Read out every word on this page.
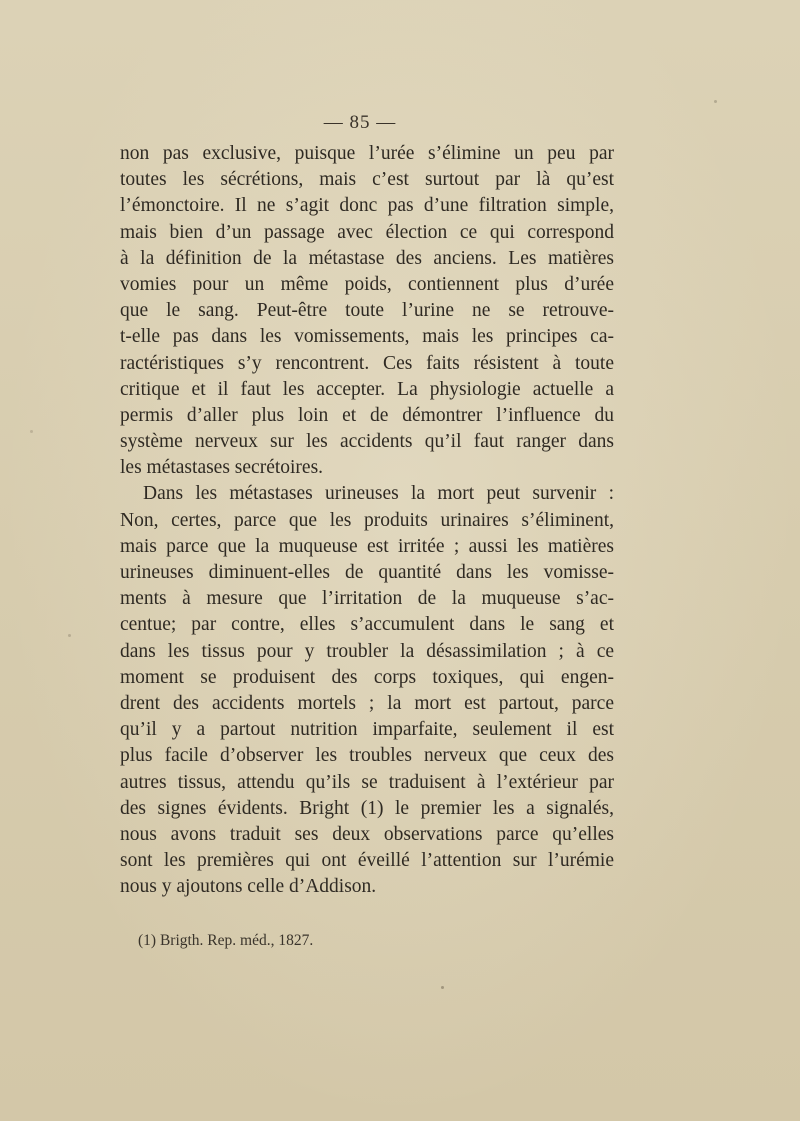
— 85 —
non pas exclusive, puisque l’urée s’élimine un peu par
toutes les sécrétions, mais c’est surtout par là qu’est
l’émonctoire. Il ne s’agit donc pas d’une filtration simple,
mais bien d’un passage avec élection ce qui correspond
à la définition de la métastase des anciens. Les matières
vomies pour un même poids, contiennent plus d’urée
que le sang. Peut-être toute l’urine ne se retrouve-
t-elle pas dans les vomissements, mais les principes ca-
ractéristiques s’y rencontrent. Ces faits résistent à toute
critique et il faut les accepter. La physiologie actuelle a
permis d’aller plus loin et de démontrer l’influence du
système nerveux sur les accidents qu’il faut ranger dans
les métastases secrétoires.
Dans les métastases urineuses la mort peut survenir :
Non, certes, parce que les produits urinaires s’éliminent,
mais parce que la muqueuse est irritée ; aussi les matières
urineuses diminuent-elles de quantité dans les vomisse-
ments à mesure que l’irritation de la muqueuse s’ac-
centue; par contre, elles s’accumulent dans le sang et
dans les tissus pour y troubler la désassimilation ; à ce
moment se produisent des corps toxiques, qui engen-
drent des accidents mortels ; la mort est partout, parce
qu’il y a partout nutrition imparfaite, seulement il est
plus facile d’observer les troubles nerveux que ceux des
autres tissus, attendu qu’ils se traduisent à l’extérieur par
des signes évidents. Bright (1) le premier les a signalés,
nous avons traduit ses deux observations parce qu’elles
sont les premières qui ont éveillé l’attention sur l’urémie
nous y ajoutons celle d’Addison.
(1) Brigth. Rep. méd., 1827.
